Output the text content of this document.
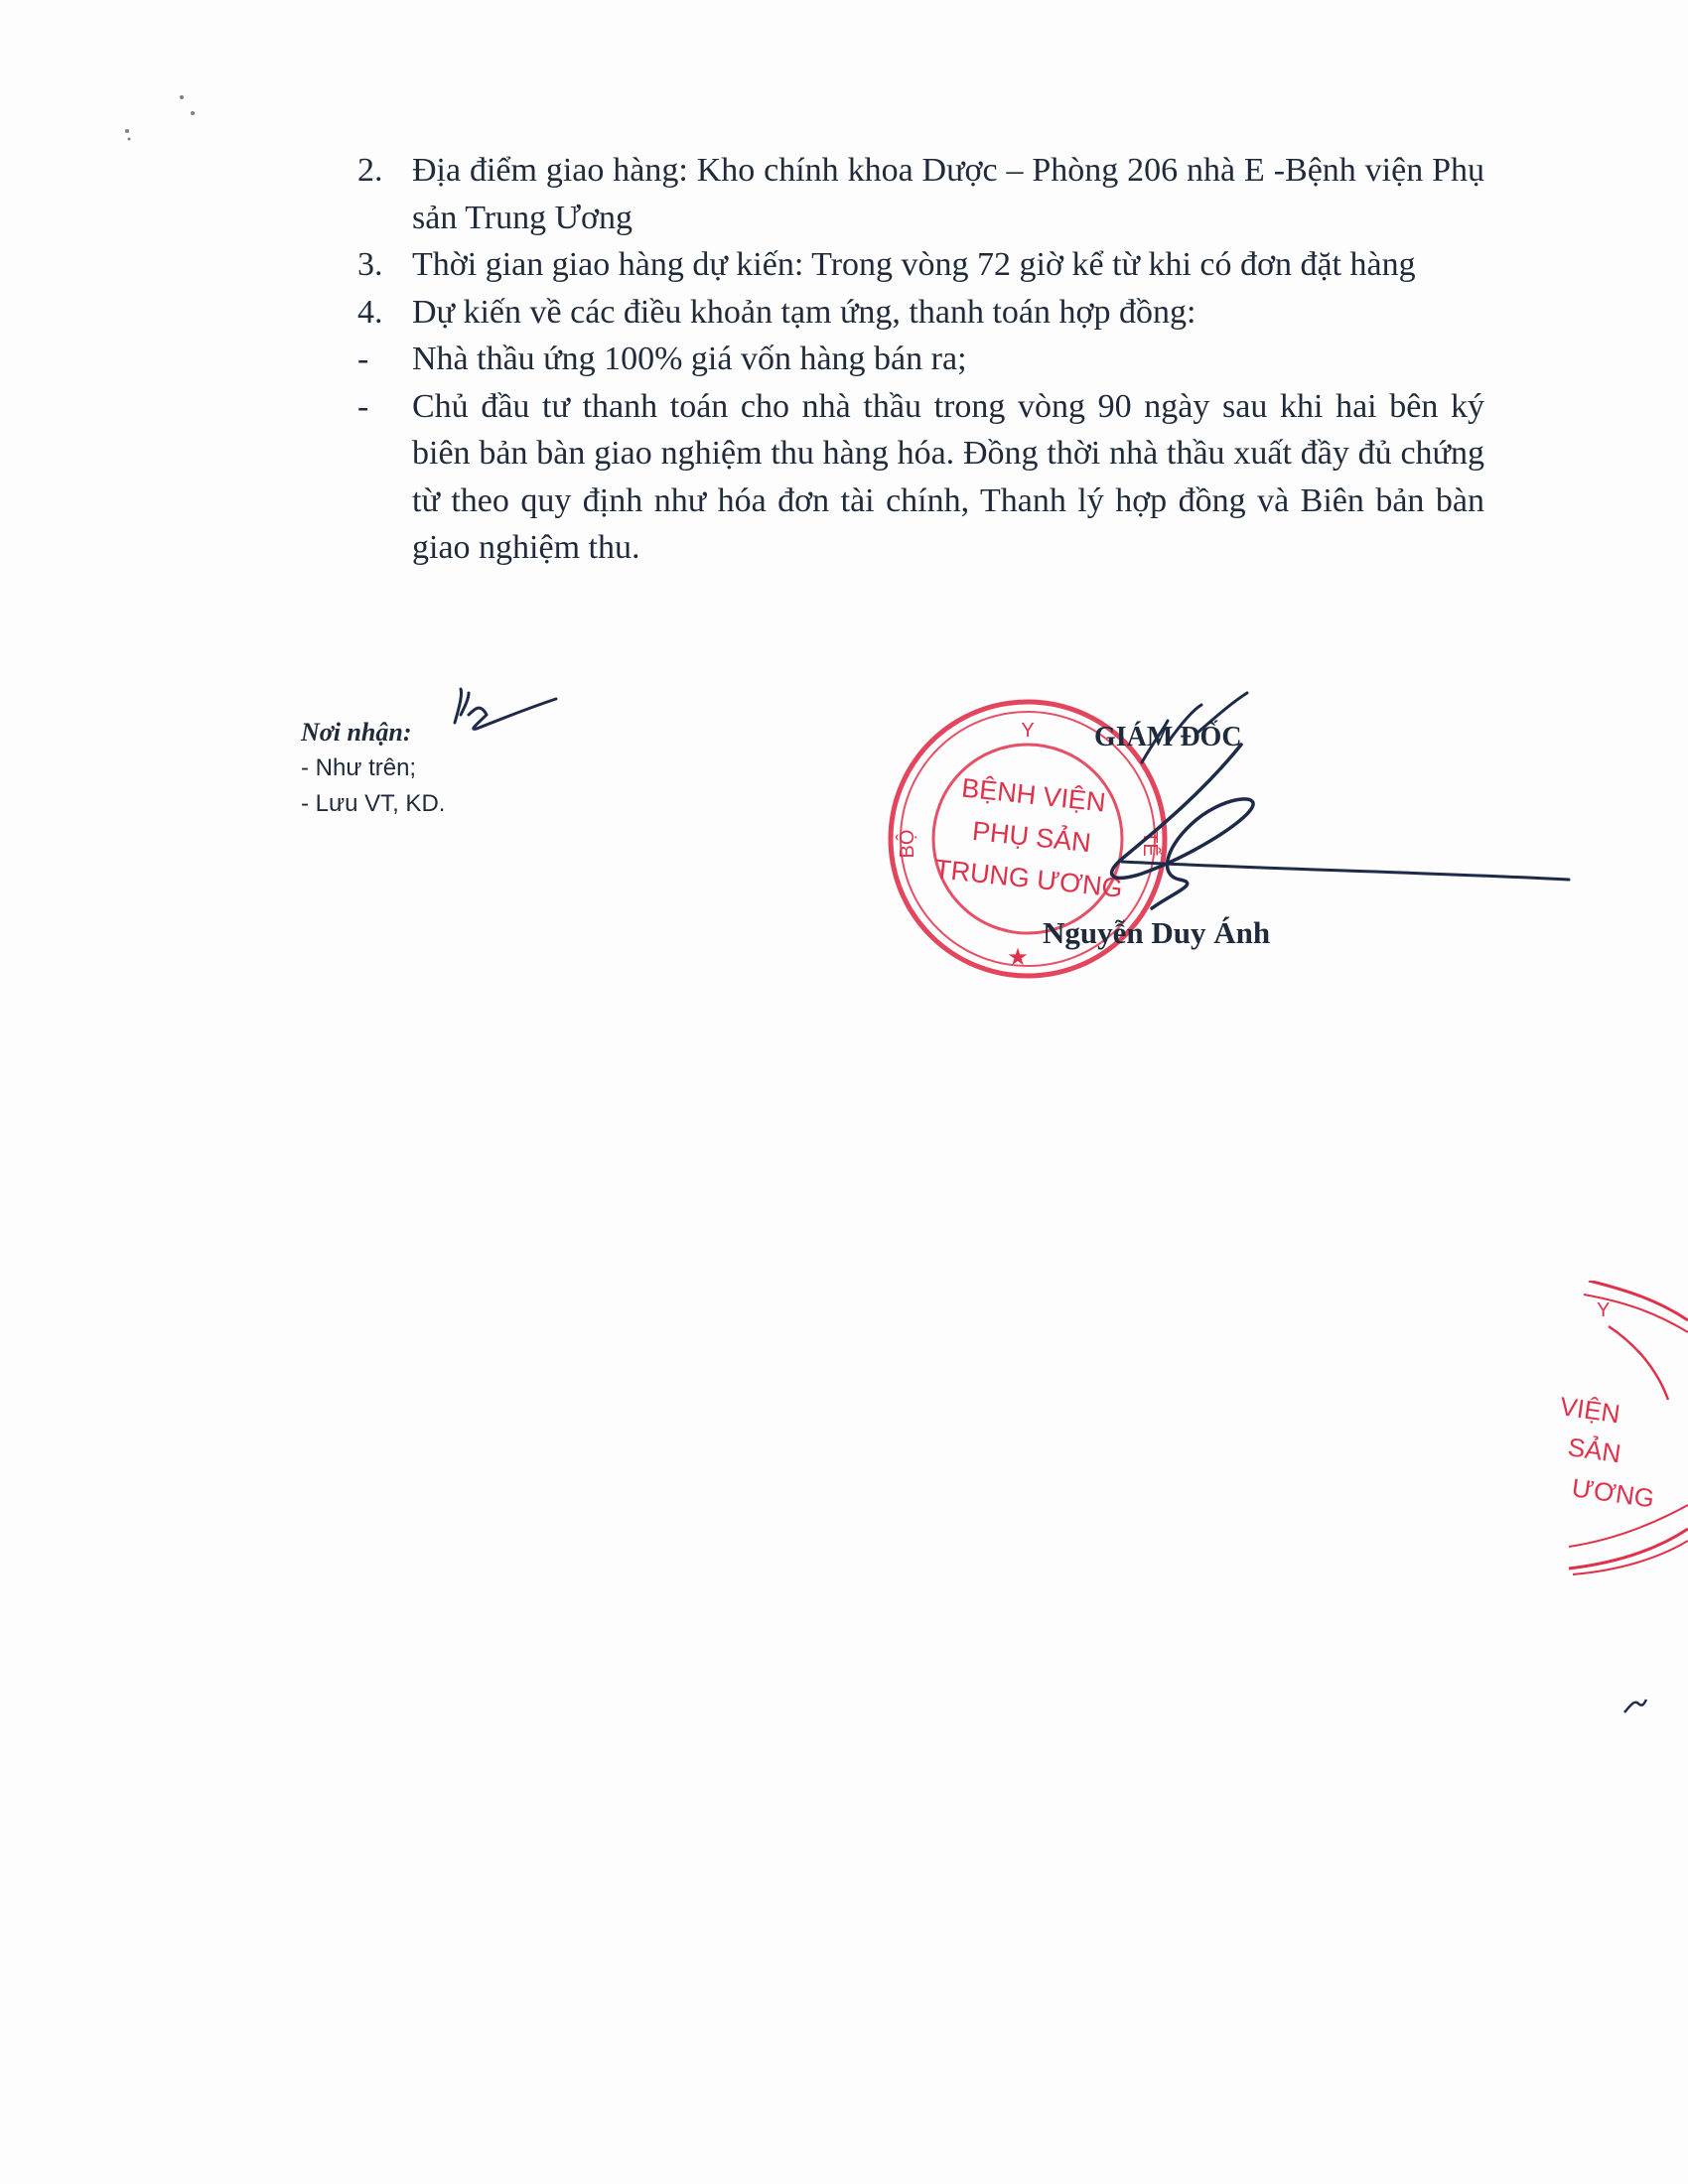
2. Địa điểm giao hàng: Kho chính khoa Dược – Phòng 206 nhà E -Bệnh viện Phụ sản Trung Ương

3. Thời gian giao hàng dự kiến: Trong vòng 72 giờ kể từ khi có đơn đặt hàng

4. Dự kiến về các điều khoản tạm ứng, thanh toán hợp đồng:

-	Nhà thầu ứng 100% giá vốn hàng bán ra;

-	Chủ đầu tư thanh toán cho nhà thầu trong vòng 90 ngày sau khi hai bên ký biên bản bàn giao nghiệm thu hàng hóa. Đồng thời nhà thầu xuất đầy đủ chứng từ theo quy định như hóa đơn tài chính, Thanh lý hợp đồng và Biên bản bàn giao nghiệm thu.

Nơi nhận:
- Như trên;
- Lưu VT, KD.
Y
BỘ	TẾ
BỆNH VIỆN
PHỤ SẢN
TRUNG ƯƠNG
★
GIÁM ĐỐC
Nguyễn Duy Ánh
Y
VIỆN
SẢN
ƯƠNG
